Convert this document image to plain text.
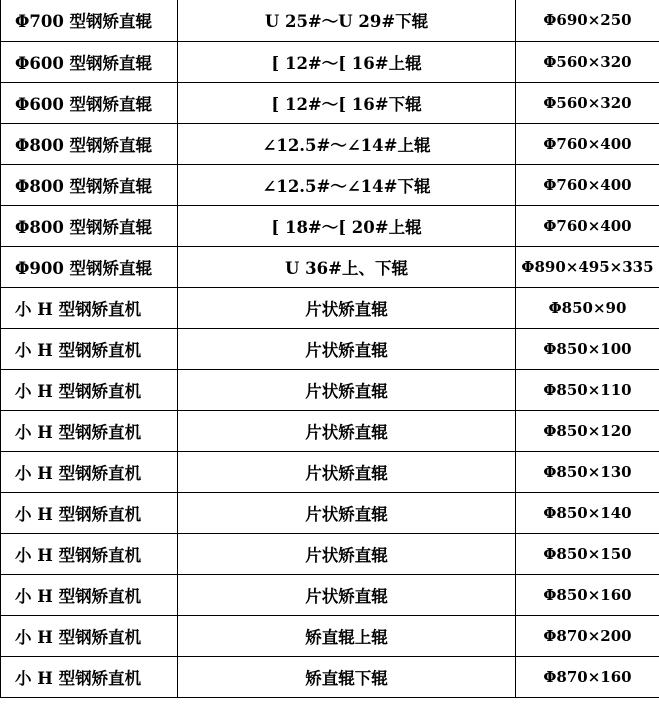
Φ700 型钢矫直辊	U 25#～U 29#下辊	Φ690×250
Φ600 型钢矫直辊	[ 12#～[ 16#上辊	Φ560×320
Φ600 型钢矫直辊	[ 12#～[ 16#下辊	Φ560×320
Φ800 型钢矫直辊	∠12.5#～∠14#上辊	Φ760×400
Φ800 型钢矫直辊	∠12.5#～∠14#下辊	Φ760×400
Φ800 型钢矫直辊	[ 18#～[ 20#上辊	Φ760×400
Φ900 型钢矫直辊	U 36#上、下辊	Φ890×495×335
小 H 型钢矫直机	片状矫直辊	Φ850×90
小 H 型钢矫直机	片状矫直辊	Φ850×100
小 H 型钢矫直机	片状矫直辊	Φ850×110
小 H 型钢矫直机	片状矫直辊	Φ850×120
小 H 型钢矫直机	片状矫直辊	Φ850×130
小 H 型钢矫直机	片状矫直辊	Φ850×140
小 H 型钢矫直机	片状矫直辊	Φ850×150
小 H 型钢矫直机	片状矫直辊	Φ850×160
小 H 型钢矫直机	矫直辊上辊	Φ870×200
小 H 型钢矫直机	矫直辊下辊	Φ870×160
